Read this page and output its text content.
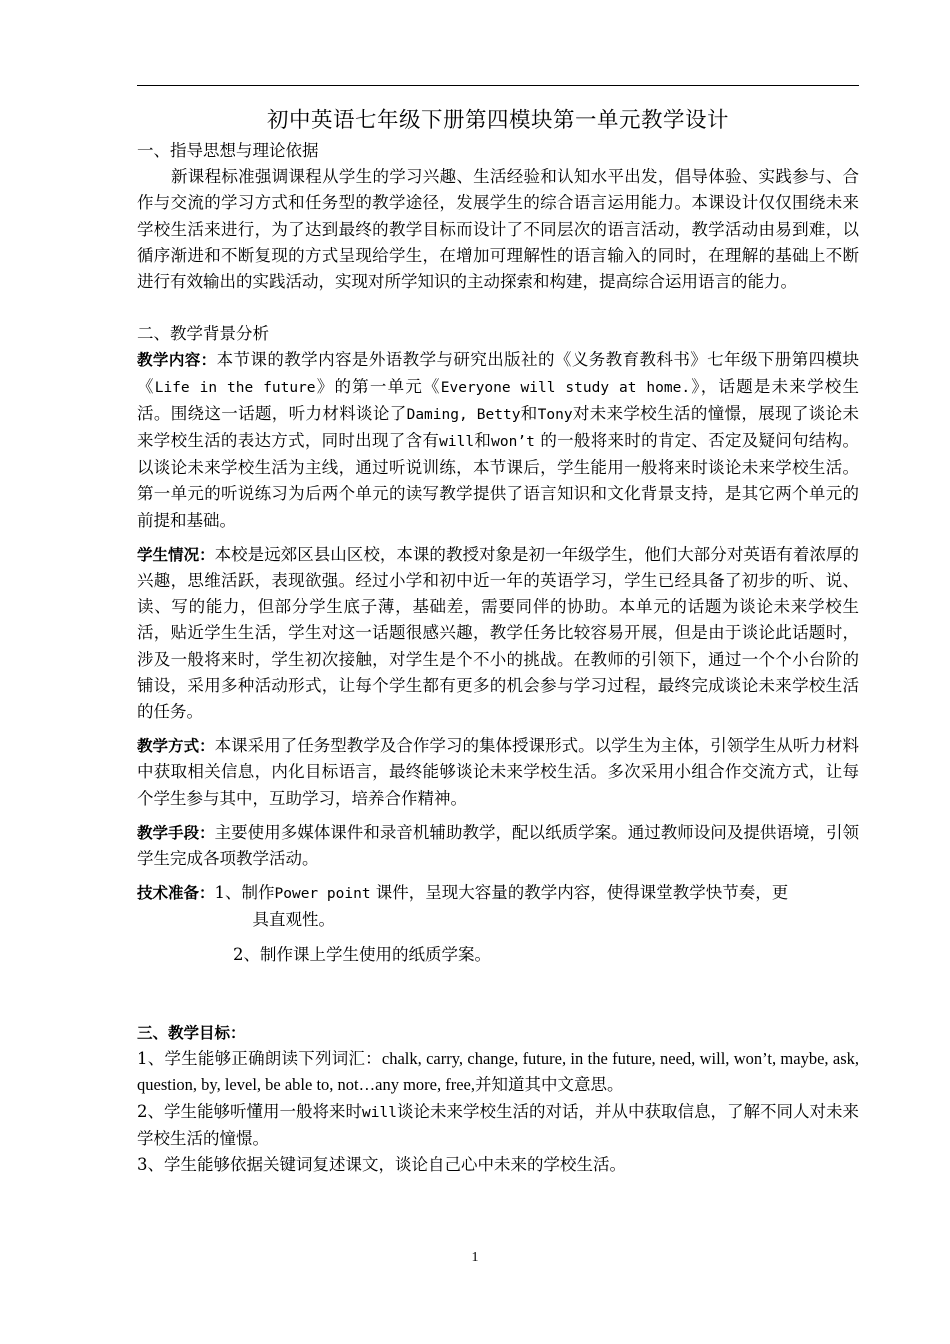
初中英语七年级下册第四模块第一单元教学设计
一、指导思想与理论依据
新课程标准强调课程从学生的学习兴趣、生活经验和认知水平出发，倡导体验、实践参与、合作与交流的学习方式和任务型的教学途径，发展学生的综合语言运用能力。本课设计仅仅围绕未来学校生活来进行，为了达到最终的教学目标而设计了不同层次的语言活动，教学活动由易到难，以循序渐进和不断复现的方式呈现给学生，在增加可理解性的语言输入的同时，在理解的基础上不断进行有效输出的实践活动，实现对所学知识的主动探索和构建，提高综合运用语言的能力。
二、教学背景分析
教学内容：本节课的教学内容是外语教学与研究出版社的《义务教育教科书》七年级下册第四模块《Life in the future》的第一单元《Everyone will study at home.》，话题是未来学校生活。围绕这一话题，听力材料谈论了Daming, Betty和Tony对未来学校生活的憧憬，展现了谈论未来学校生活的表达方式，同时出现了含有will和won’t 的一般将来时的肯定、否定及疑问句结构。以谈论未来学校生活为主线，通过听说训练，本节课后，学生能用一般将来时谈论未来学校生活。第一单元的听说练习为后两个单元的读写教学提供了语言知识和文化背景支持，是其它两个单元的前提和基础。
学生情况：本校是远郊区县山区校，本课的教授对象是初一年级学生，他们大部分对英语有着浓厚的兴趣，思维活跃，表现欲强。经过小学和初中近一年的英语学习，学生已经具备了初步的听、说、读、写的能力，但部分学生底子薄，基础差，需要同伴的协助。本单元的话题为谈论未来学校生活，贴近学生生活，学生对这一话题很感兴趣，教学任务比较容易开展，但是由于谈论此话题时，涉及一般将来时，学生初次接触，对学生是个不小的挑战。在教师的引领下，通过一个个小台阶的铺设，采用多种活动形式，让每个学生都有更多的机会参与学习过程，最终完成谈论未来学校生活的任务。
教学方式：本课采用了任务型教学及合作学习的集体授课形式。以学生为主体，引领学生从听力材料中获取相关信息，内化目标语言，最终能够谈论未来学校生活。多次采用小组合作交流方式，让每个学生参与其中，互助学习，培养合作精神。
教学手段：主要使用多媒体课件和录音机辅助教学，配以纸质学案。通过教师设问及提供语境，引领学生完成各项教学活动。
技术准备： 1、制作Power point 课件，呈现大容量的教学内容，使得课堂教学快节奏，更
具直观性。
2、制作课上学生使用的纸质学案。
三、教学目标：
1、学生能够正确朗读下列词汇：chalk, carry, change, future, in the future, need, will, won’t, maybe, ask, question, by, level, be able to, not…any more, free,并知道其中文意思。
2、学生能够听懂用一般将来时will谈论未来学校生活的对话，并从中获取信息，了解不同人对未来学校生活的憧憬。
3、学生能够依据关键词复述课文，谈论自己心中未来的学校生活。
1
